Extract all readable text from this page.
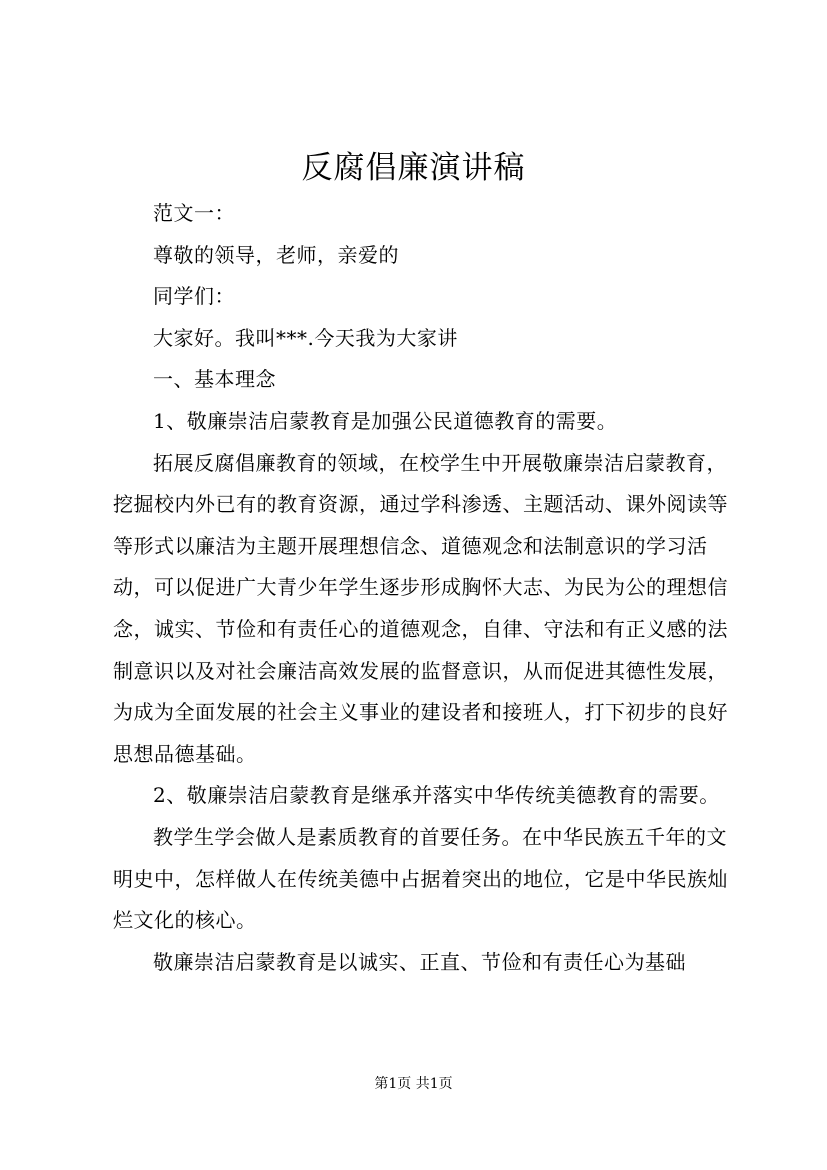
反腐倡廉演讲稿

范文一：

尊敬的领导，老师，亲爱的

同学们：

大家好。我叫***.今天我为大家讲

一、基本理念

1、敬廉崇洁启蒙教育是加强公民道德教育的需要。

拓展反腐倡廉教育的领域，在校学生中开展敬廉崇洁启蒙教育，挖掘校内外已有的教育资源，通过学科渗透、主题活动、课外阅读等等形式以廉洁为主题开展理想信念、道德观念和法制意识的学习活动，可以促进广大青少年学生逐步形成胸怀大志、为民为公的理想信念，诚实、节俭和有责任心的道德观念，自律、守法和有正义感的法制意识以及对社会廉洁高效发展的监督意识，从而促进其德性发展，为成为全面发展的社会主义事业的建设者和接班人，打下初步的良好思想品德基础。

2、敬廉崇洁启蒙教育是继承并落实中华传统美德教育的需要。

教学生学会做人是素质教育的首要任务。在中华民族五千年的文明史中，怎样做人在传统美德中占据着突出的地位，它是中华民族灿烂文化的核心。

敬廉崇洁启蒙教育是以诚实、正直、节俭和有责任心为基础

第1页 共1页
